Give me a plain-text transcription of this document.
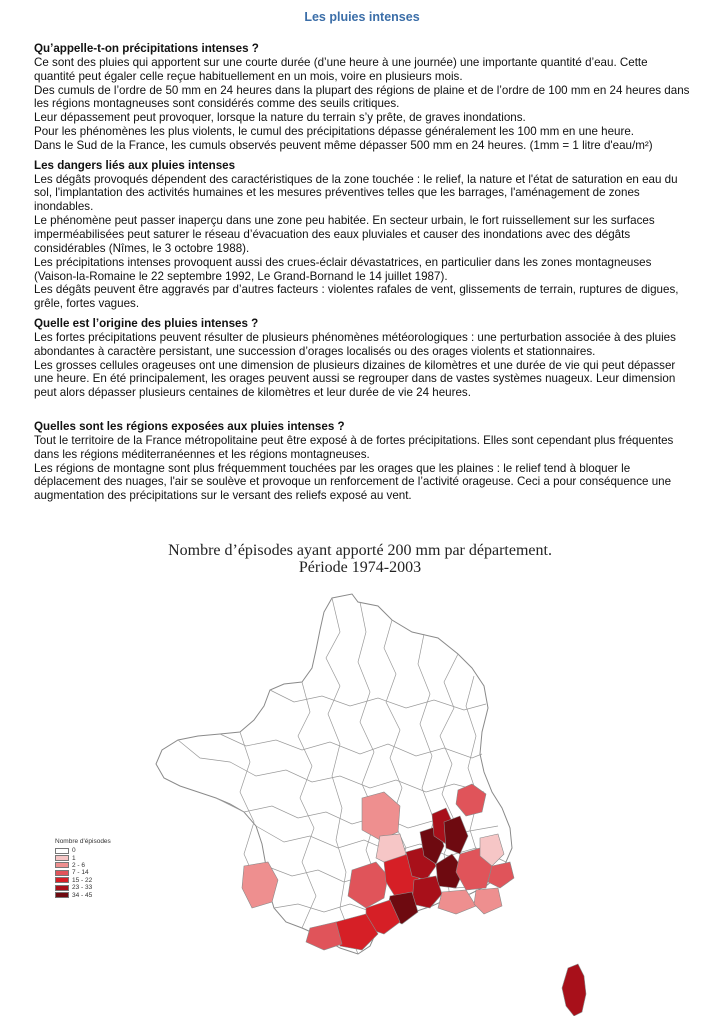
Les pluies intenses
Qu’appelle-t-on précipitations intenses ?

Ce sont des pluies qui apportent sur une courte durée (d’une heure à une journée) une importante quantité d’eau. Cette quantité peut égaler celle reçue habituellement en un mois, voire en plusieurs mois.

Des cumuls de l’ordre de 50 mm en 24 heures dans la plupart des régions de plaine et de l’ordre de 100 mm en 24 heures dans les régions montagneuses sont considérés comme des seuils critiques.

Leur dépassement peut provoquer, lorsque la nature du terrain s’y prête, de graves inondations.

Pour les phénomènes les plus violents, le cumul des précipitations dépasse généralement les 100 mm en une heure.

Dans le Sud de la France, les cumuls observés peuvent même dépasser 500 mm en 24 heures. (1mm = 1 litre d'eau/m²)

Les dangers liés aux pluies intenses

Les dégâts provoqués dépendent des caractéristiques de la zone touchée : le relief, la nature et l'état de saturation en eau du sol, l'implantation des activités humaines et les mesures préventives telles que les barrages, l'aménagement de zones inondables.

Le phénomène peut passer inaperçu dans une zone peu habitée. En secteur urbain, le fort ruissellement sur les surfaces imperméabilisées peut saturer le réseau d’évacuation des eaux pluviales et causer des inondations avec des dégâts considérables (Nîmes, le 3 octobre 1988).

Les précipitations intenses provoquent aussi des crues-éclair dévastatrices, en particulier dans les zones montagneuses (Vaison-la-Romaine le 22 septembre 1992, Le Grand-Bornand le 14 juillet 1987).

Les dégâts peuvent être aggravés par d’autres facteurs : violentes rafales de vent, glissements de terrain, ruptures de digues, grêle, fortes vagues.

Quelle est l’origine des pluies intenses ?

Les fortes précipitations peuvent résulter de plusieurs phénomènes météorologiques : une perturbation associée à des pluies abondantes à caractère persistant, une succession d’orages localisés ou des orages violents et stationnaires.

Les grosses cellules orageuses ont une dimension de plusieurs dizaines de kilomètres et une durée de vie qui peut dépasser une heure. En été principalement, les orages peuvent aussi se regrouper dans de vastes systèmes nuageux. Leur dimension peut alors dépasser plusieurs centaines de kilomètres et leur durée de vie 24 heures.

Quelles sont les régions exposées aux pluies intenses ?

Tout le territoire de la France métropolitaine peut être exposé à de fortes précipitations. Elles sont cependant plus fréquentes dans les régions méditerranéennes et les régions montagneuses.

Les régions de montagne sont plus fréquemment touchées par les orages que les plaines : le relief tend à bloquer le déplacement des nuages, l'air se soulève et provoque un renforcement de l’activité orageuse. Ceci a pour conséquence une augmentation des précipitations sur le versant des reliefs exposé au vent.

Nombre d’épisodes ayant apporté 200 mm par département.
Période 1974-2003
Nombre d'épisodes
0
1
2 - 6
7 - 14
15 - 22
23 - 33
34 - 45
